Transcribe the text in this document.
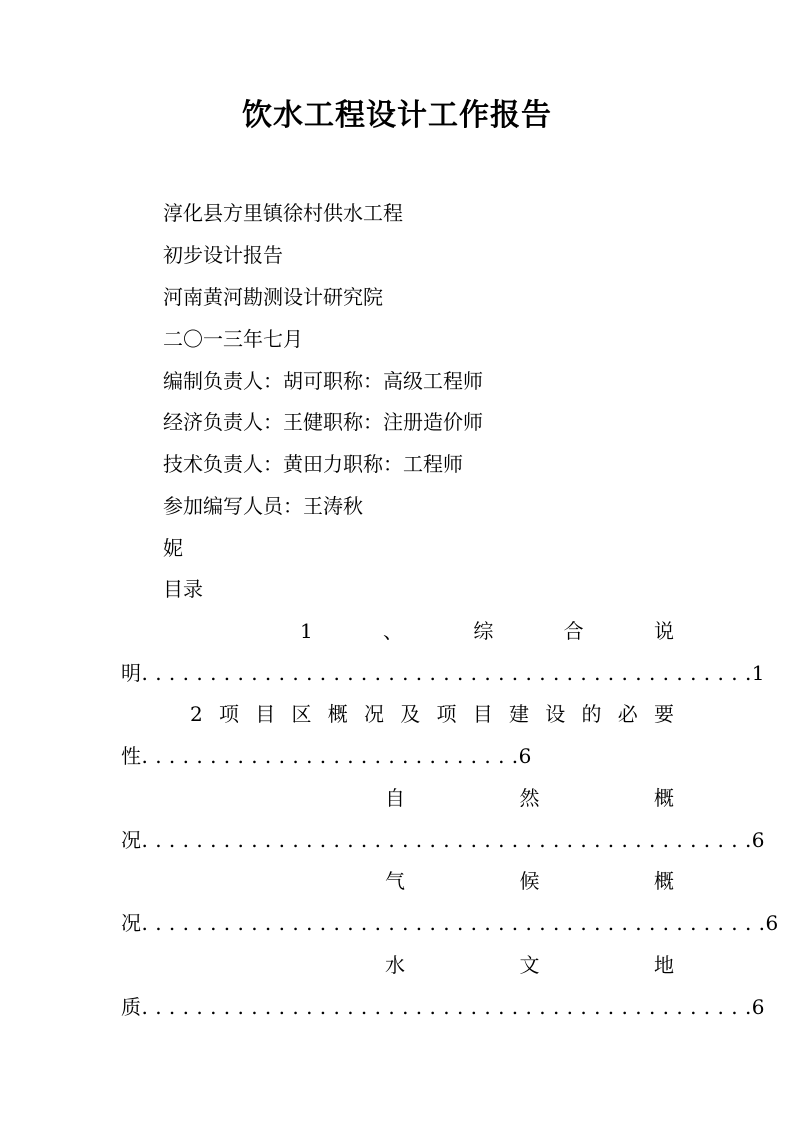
饮水工程设计工作报告
淳化县方里镇徐村供水工程
初步设计报告
河南黄河勘测设计研究院
二〇一三年七月
编制负责人：胡可职称：高级工程师
经济负责人：王健职称：注册造价师
技术负责人：黄田力职称：工程师
参加编写人员：王涛秋
妮
目录
1	、	综	合	说
明. . . . . . . . . . . . . . . . . . . . . . . . . . . . . . . . . . . . . . . . . . . . .1
2 项 目 区 概 况 及 项 目 建 设 的 必 要
性. . . . . . . . . . . . . . . . . . . . . . . . . . . .6
自	然	概
况. . . . . . . . . . . . . . . . . . . . . . . . . . . . . . . . . . . . . . . . . . . . .6
气	候	概
况. . . . . . . . . . . . . . . . . . . . . . . . . . . . . . . . . . . . . . . . . . . . . .6
水	文	地
质. . . . . . . . . . . . . . . . . . . . . . . . . . . . . . . . . . . . . . . . . . . . .6
